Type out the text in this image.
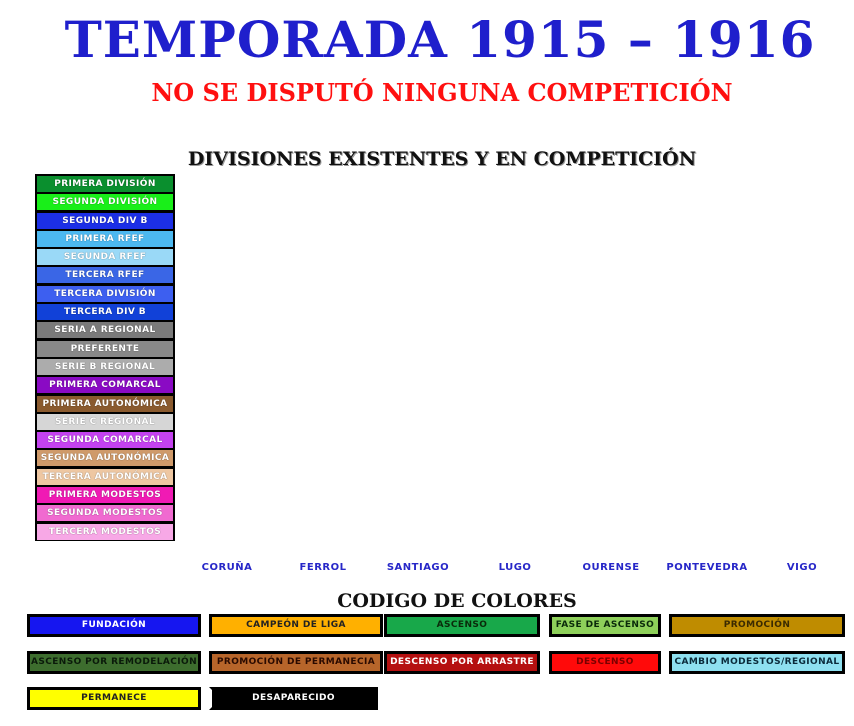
TEMPORADA 1915 – 1916
NO SE DISPUTÓ NINGUNA COMPETICIÓN
DIVISIONES EXISTENTES Y EN COMPETICIÓN
PRIMERA DIVISIÓN
SEGUNDA DIVISIÓN
SEGUNDA DIV B
PRIMERA RFEF
SEGUNDA RFEF
TERCERA RFEF
TERCERA DIVISIÓN
TERCERA DIV B
SERIA A REGIONAL
PREFERENTE
SERIE B REGIONAL
PRIMERA COMARCAL
PRIMERA AUTONÓMICA
SERIE C REGIONAL
SEGUNDA COMARCAL
SEGUNDA AUTONÓMICA
TERCERA AUTONÓMICA
PRIMERA MODESTOS
SEGUNDA MODESTOS
TERCERA MODESTOS
CORUÑA	FERROL	SANTIAGO	LUGO	OURENSE	PONTEVEDRA	VIGO
CODIGO DE COLORES
FUNDACIÓN	CAMPEÓN DE LIGA	ASCENSO	FASE DE ASCENSO	PROMOCIÓN
ASCENSO POR REMODELACIÓN	PROMOCIÓN DE PERMANECIA	DESCENSO POR ARRASTRE	DESCENSO	CAMBIO MODESTOS/REGIONAL
PERMANECE	DESAPARECIDO
